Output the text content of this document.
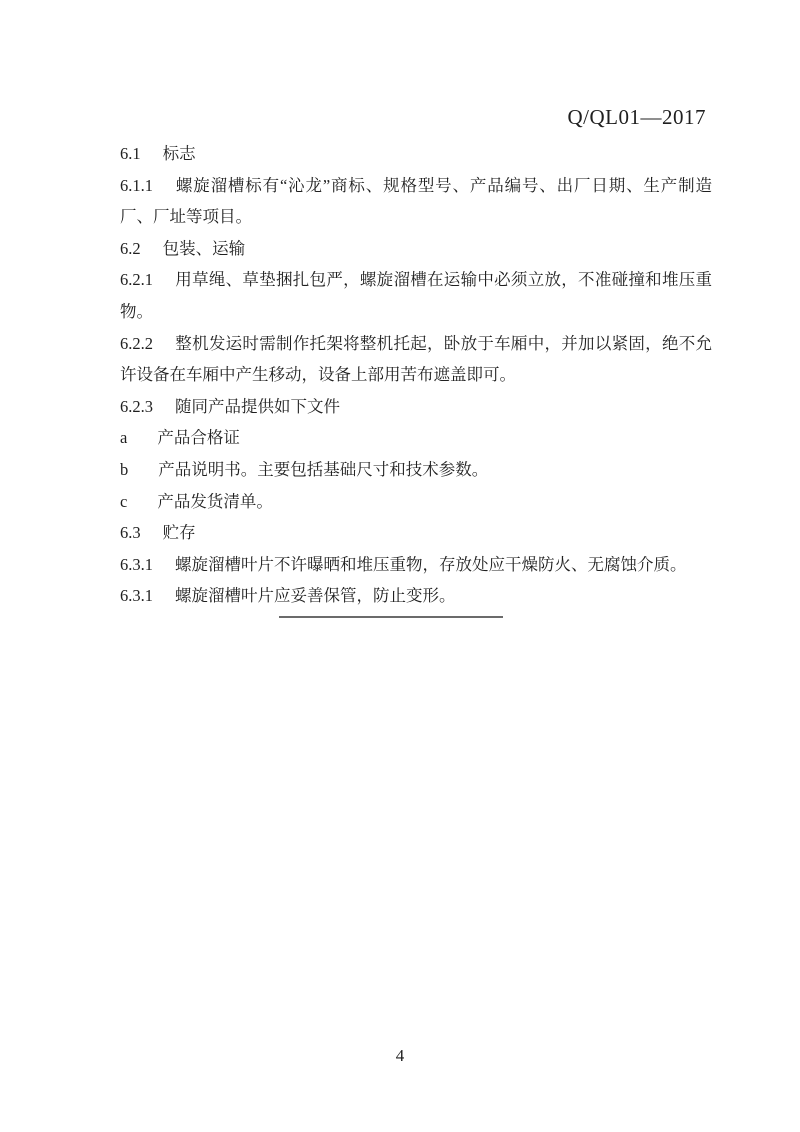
Q/QL01—2017

6.1 标志

6.1.1 螺旋溜槽标有“沁龙”商标、规格型号、产品编号、出厂日期、生产制造厂、厂址等项目。

6.2 包装、运输

6.2.1 用草绳、草垫捆扎包严，螺旋溜槽在运输中必须立放，不准碰撞和堆压重物。

6.2.2 整机发运时需制作托架将整机托起，卧放于车厢中，并加以紧固，绝不允许设备在车厢中产生移动，设备上部用苦布遮盖即可。

6.2.3 随同产品提供如下文件

a 产品合格证

b 产品说明书。主要包括基础尺寸和技术参数。

c 产品发货清单。

6.3 贮存

6.3.1 螺旋溜槽叶片不许曝晒和堆压重物，存放处应干燥防火、无腐蚀介质。

6.3.1 螺旋溜槽叶片应妥善保管，防止变形。

4
